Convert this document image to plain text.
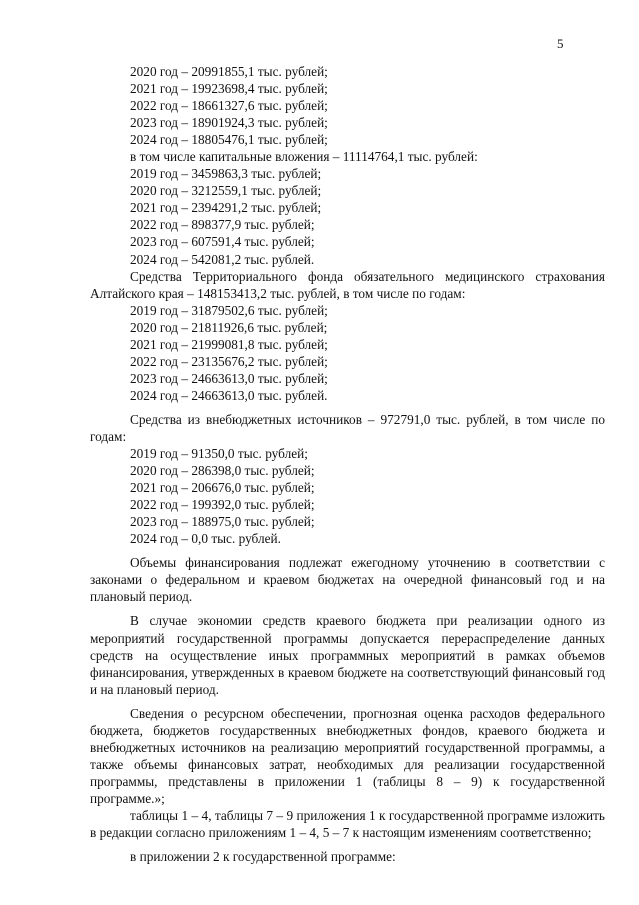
5
2020 год – 20991855,1 тыс. рублей;
2021 год – 19923698,4 тыс. рублей;
2022 год – 18661327,6 тыс. рублей;
2023 год – 18901924,3 тыс. рублей;
2024 год – 18805476,1 тыс. рублей;
в том числе капитальные вложения – 11114764,1 тыс. рублей:
2019 год – 3459863,3 тыс. рублей;
2020 год – 3212559,1 тыс. рублей;
2021 год – 2394291,2 тыс. рублей;
2022 год – 898377,9 тыс. рублей;
2023 год – 607591,4 тыс. рублей;
2024 год – 542081,2 тыс. рублей.

Средства Территориального фонда обязательного медицинского страхования Алтайского края – 148153413,2 тыс. рублей, в том числе по годам:

2019 год – 31879502,6 тыс. рублей;
2020 год – 21811926,6 тыс. рублей;
2021 год – 21999081,8 тыс. рублей;
2022 год – 23135676,2 тыс. рублей;
2023 год – 24663613,0 тыс. рублей;
2024 год – 24663613,0 тыс. рублей.

Средства из внебюджетных источников – 972791,0 тыс. рублей, в том числе по годам:

2019 год – 91350,0 тыс. рублей;
2020 год – 286398,0 тыс. рублей;
2021 год – 206676,0 тыс. рублей;
2022 год – 199392,0 тыс. рублей;
2023 год – 188975,0 тыс. рублей;
2024 год – 0,0 тыс. рублей.

Объемы финансирования подлежат ежегодному уточнению в соответствии с законами о федеральном и краевом бюджетах на очередной финансовый год и на плановый период.

В случае экономии средств краевого бюджета при реализации одного из мероприятий государственной программы допускается перераспределение данных средств на осуществление иных программных мероприятий в рамках объемов финансирования, утвержденных в краевом бюджете на соответствующий финансовый год и на плановый период.

Сведения о ресурсном обеспечении, прогнозная оценка расходов федерального бюджета, бюджетов государственных внебюджетных фондов, краевого бюджета и внебюджетных источников на реализацию мероприятий государственной программы, а также объемы финансовых затрат, необходимых для реализации государственной программы, представлены в приложении 1 (таблицы 8 – 9) к государственной программе.»;

таблицы 1 – 4, таблицы 7 – 9 приложения 1 к государственной программе изложить в редакции согласно приложениям 1 – 4, 5 – 7 к настоящим изменениям соответственно;

в приложении 2 к государственной программе:
